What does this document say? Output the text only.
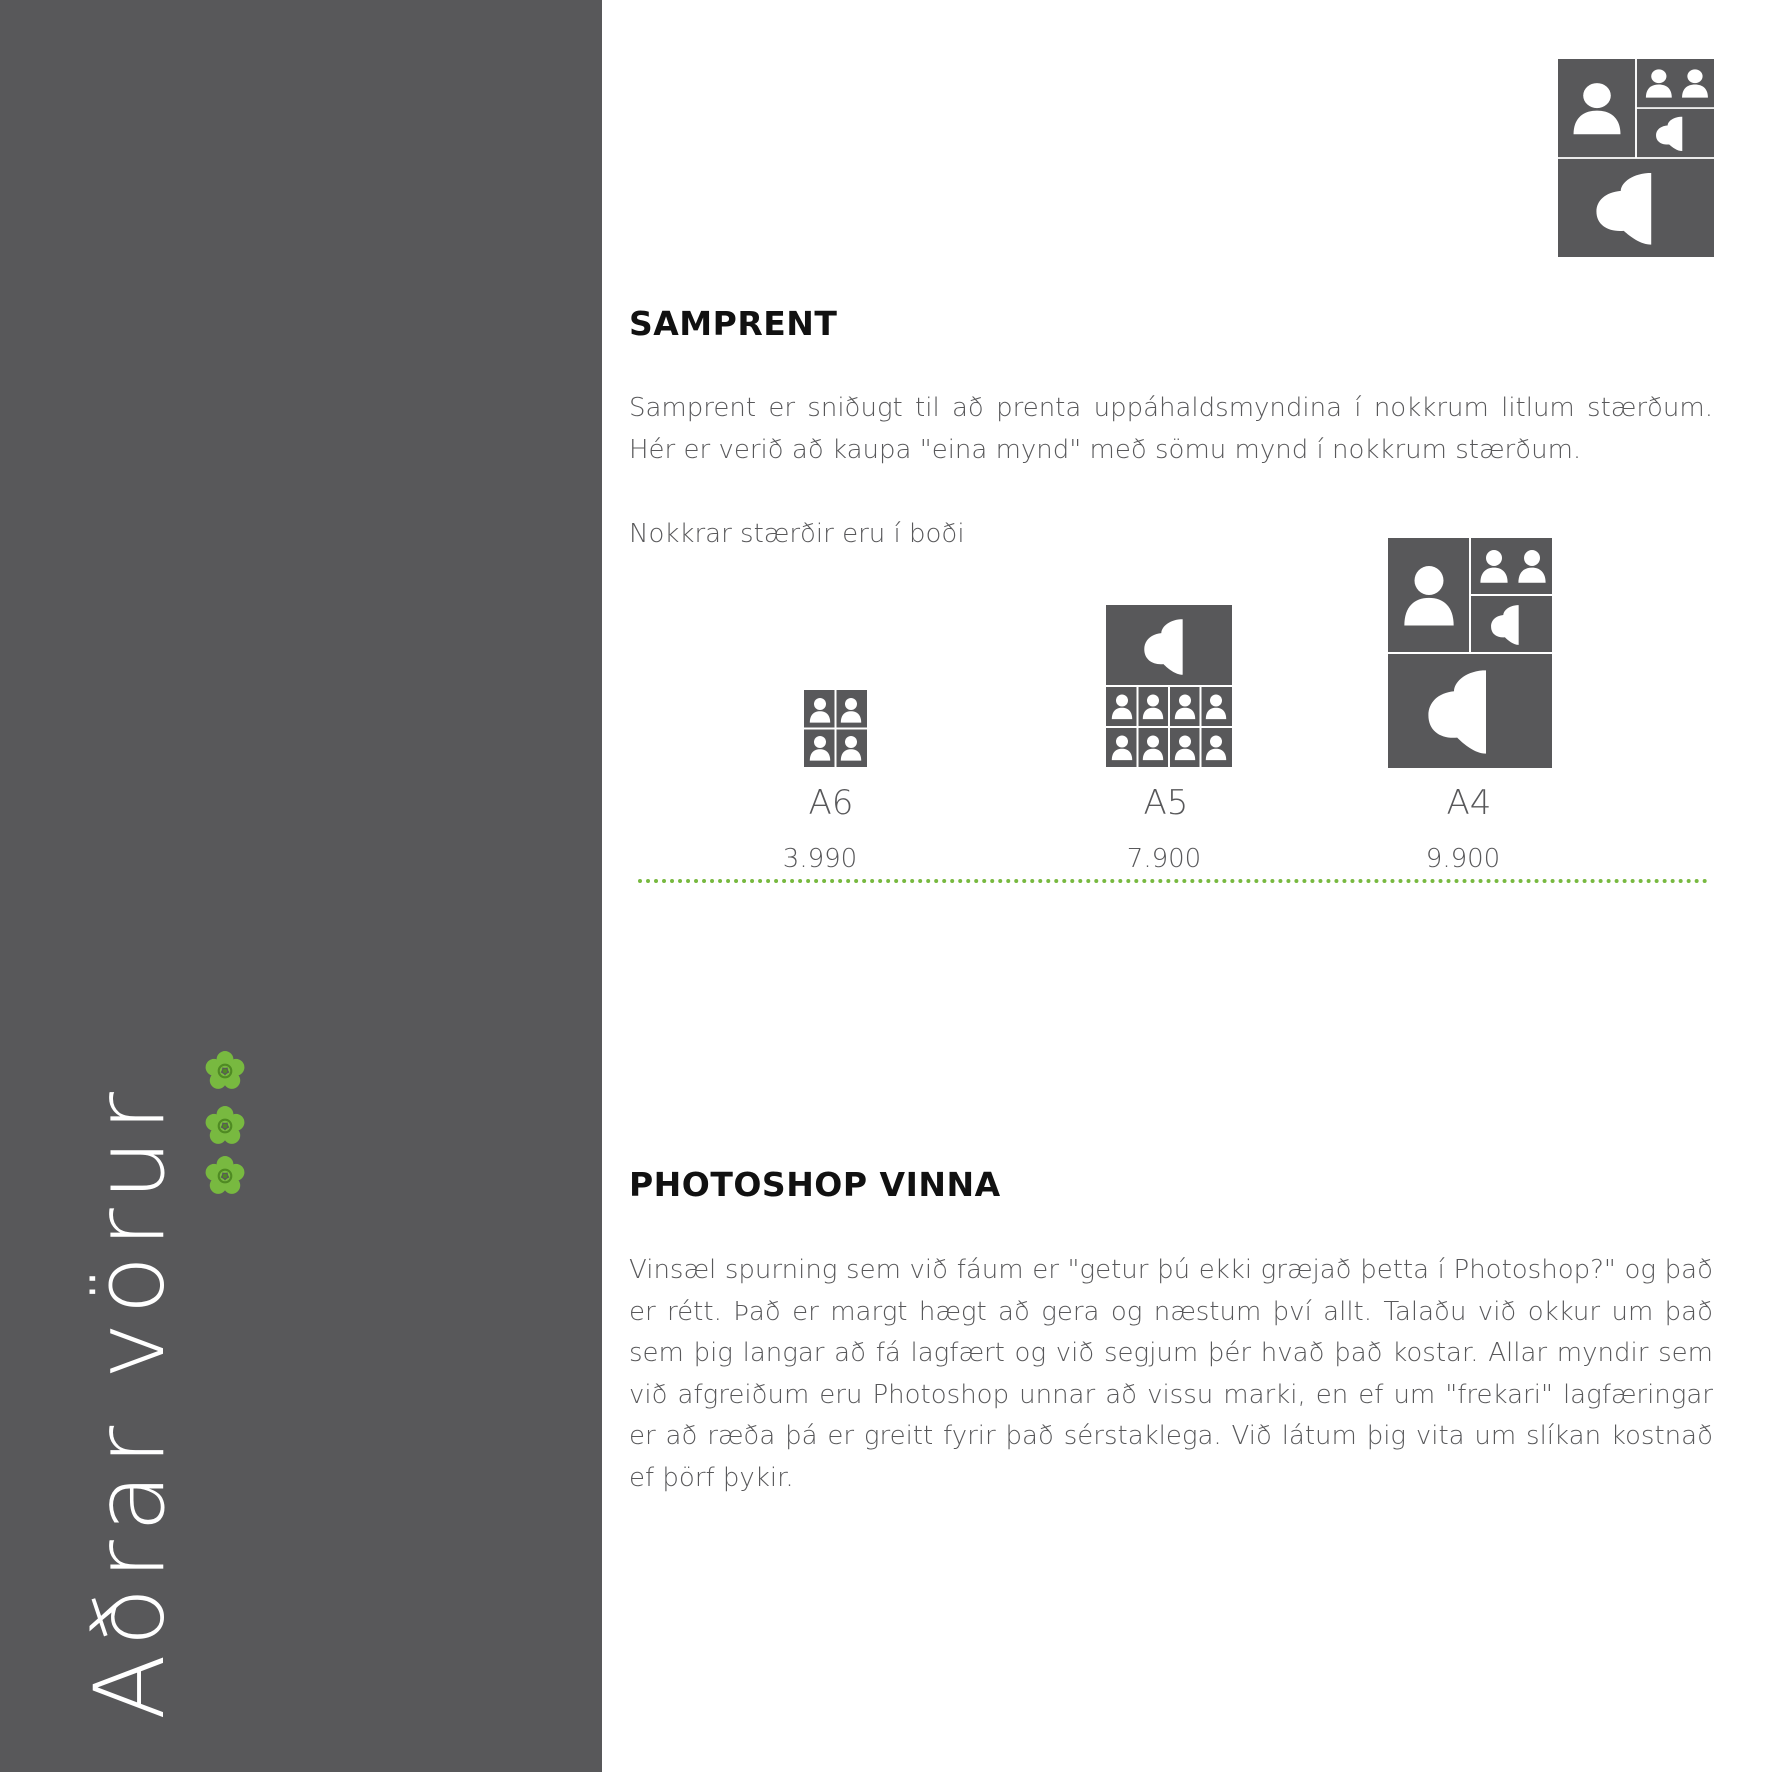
Aðrar vörur
SAMPRENT

Samprent er sniðugt til að prenta uppáhaldsmyndina í nokkrum litlum stærðum. Hér er verið að kaupa "eina mynd" með sömu mynd í nokkrum stærðum.

Nokkrar stærðir eru í boði

A6	A5	A4
3.990	7.900	9.900
PHOTOSHOP VINNA

Vinsæl spurning sem við fáum er "getur þú ekki græjað þetta í Photoshop?" og það er rétt. Það er margt hægt að gera og næstum því allt. Talaðu við okkur um það sem þig langar að fá lagfært og við segjum þér hvað það kostar. Allar myndir sem við afgreiðum eru Photoshop unnar að vissu marki, en ef um "frekari" lagfæringar er að ræða þá er greitt fyrir það sérstaklega. Við látum þig vita um slíkan kostnað ef þörf þykir.
